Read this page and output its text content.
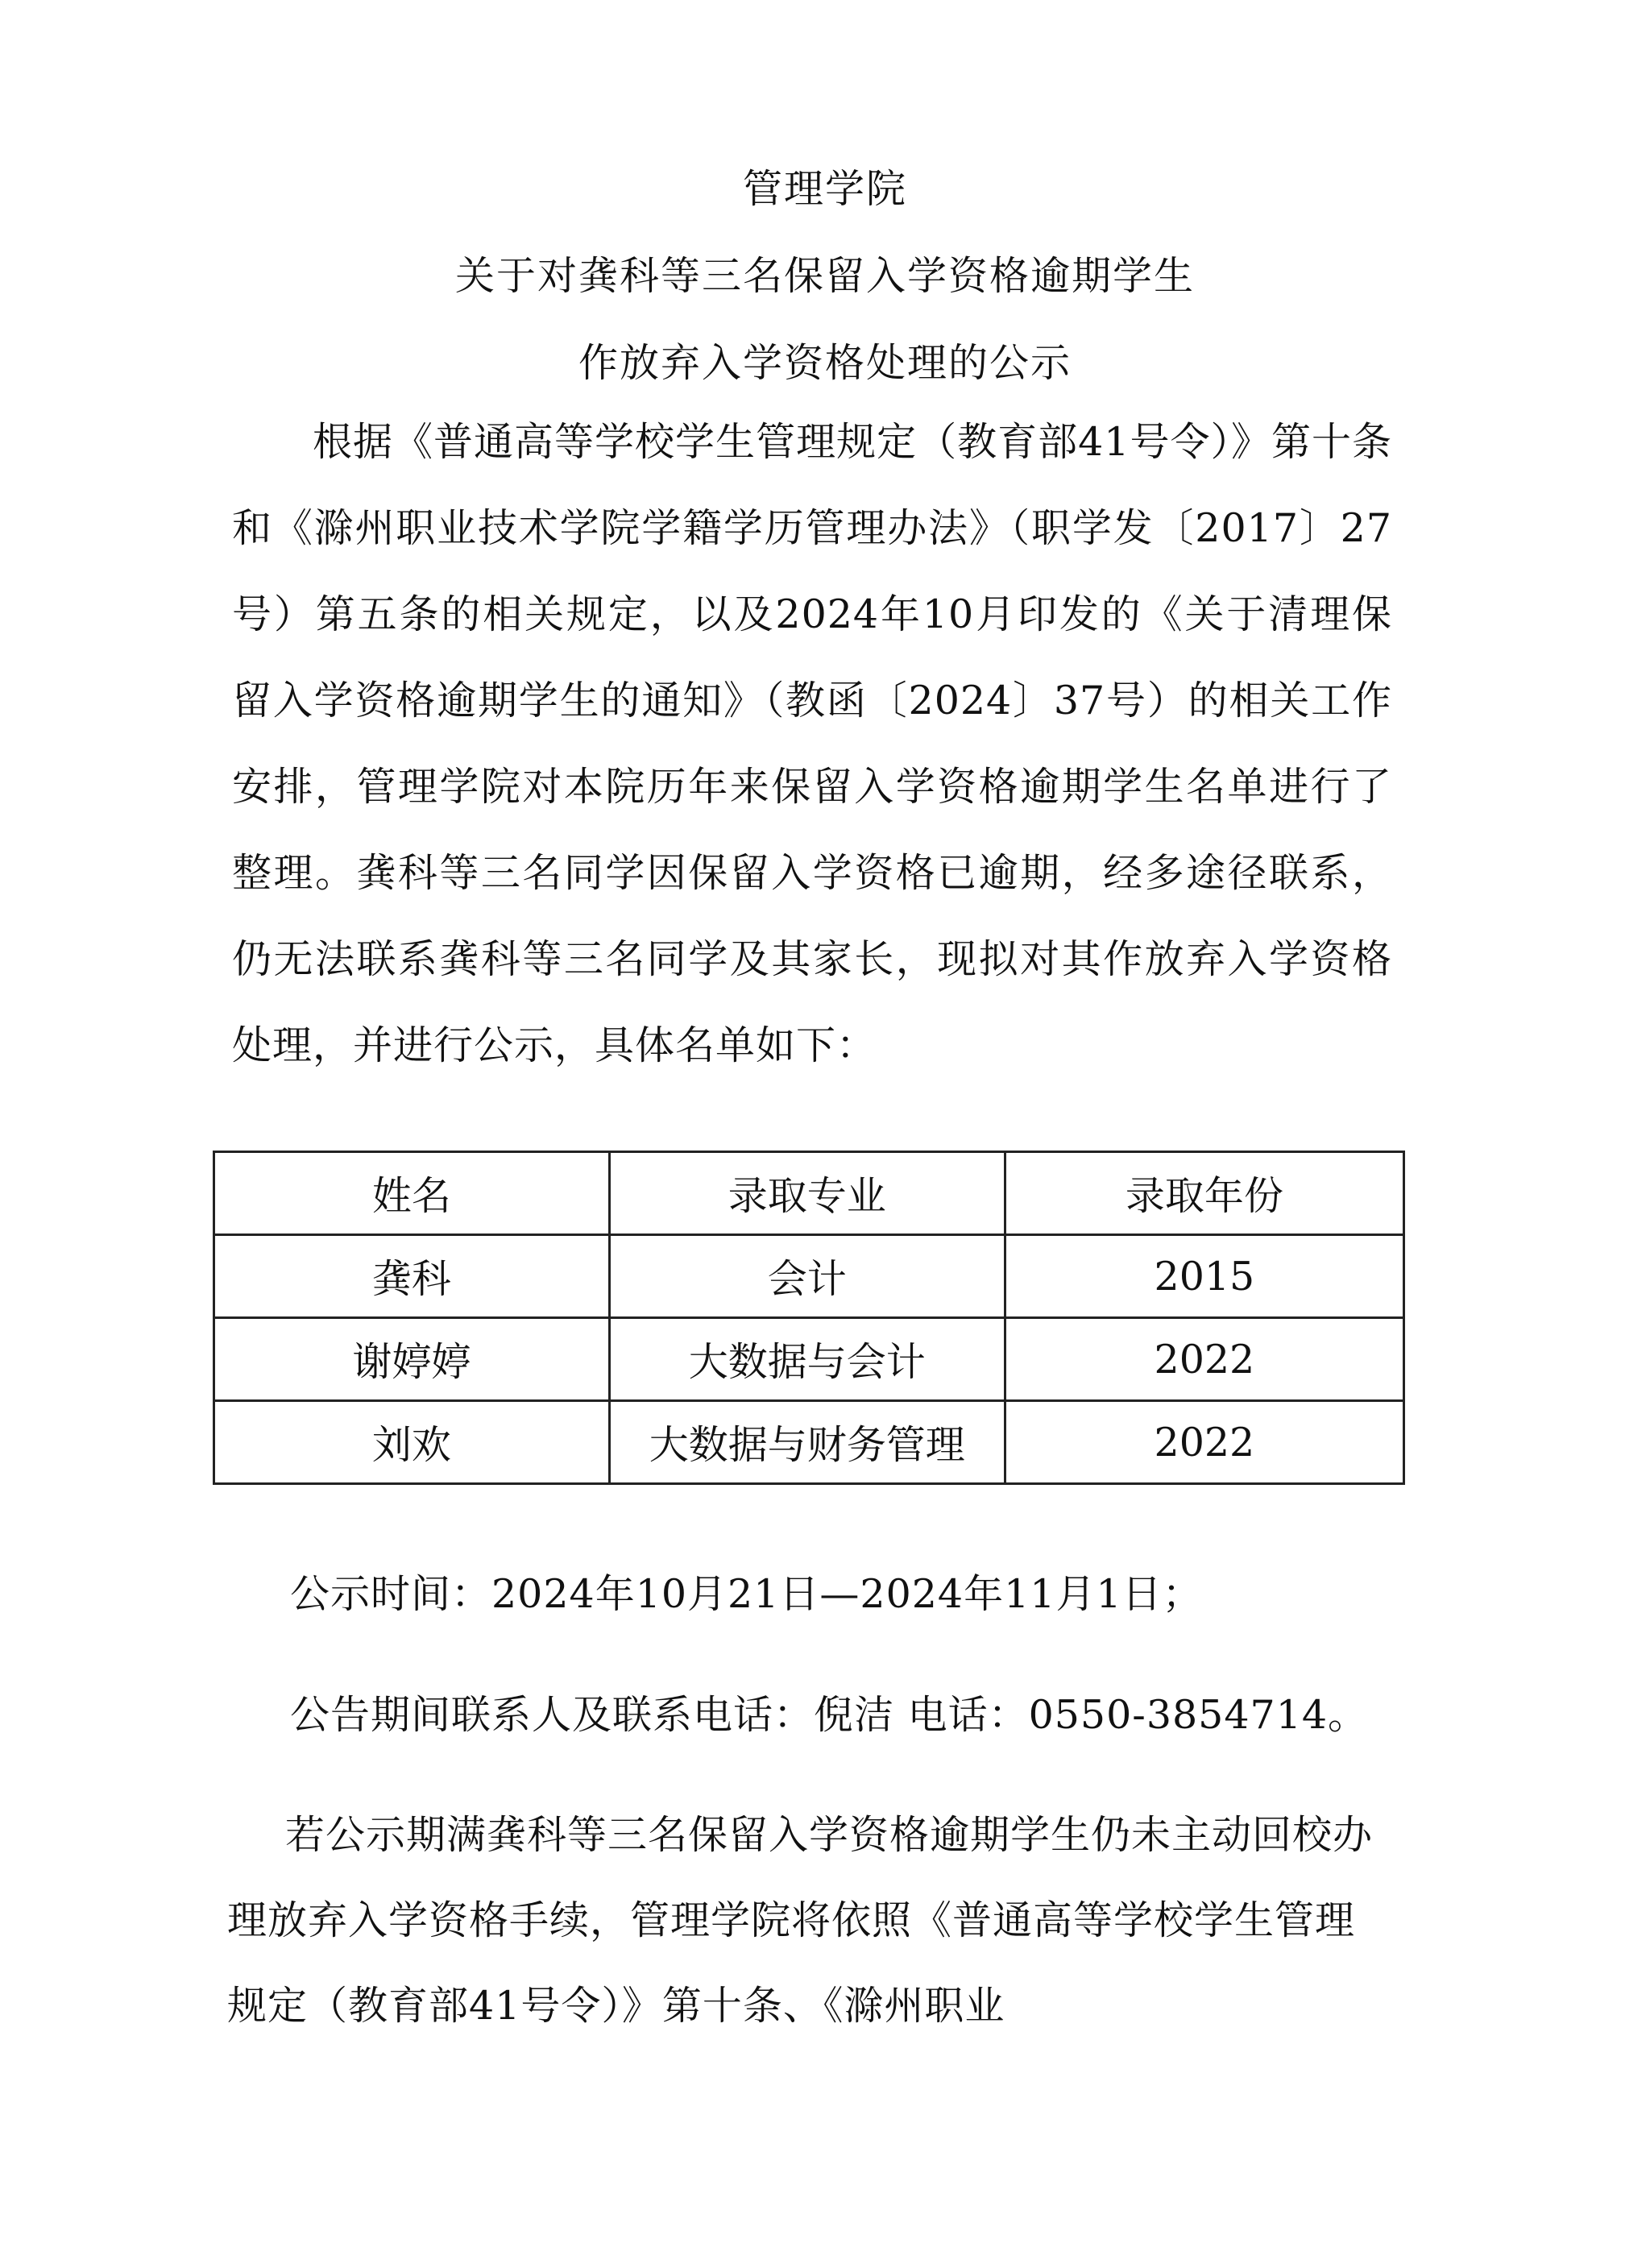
管理学院
关于对龚科等三名保留入学资格逾期学生
作放弃入学资格处理的公示
根据《普通高等学校学生管理规定（教育部41号令）》第十条和《滁州职业技术学院学籍学历管理办法》（职学发〔2017〕27号）第五条的相关规定，以及2024年10月印发的《关于清理保留入学资格逾期学生的通知》（教函〔2024〕37号）的相关工作安排，管理学院对本院历年来保留入学资格逾期学生名单进行了整理。龚科等三名同学因保留入学资格已逾期，经多途径联系，仍无法联系龚科等三名同学及其家长，现拟对其作放弃入学资格处理，并进行公示，具体名单如下：
姓名	录取专业	录取年份
龚科	会计	2015
谢婷婷	大数据与会计	2022
刘欢	大数据与财务管理	2022
公示时间：2024年10月21日—2024年11月1日；
公告期间联系人及联系电话：倪洁 电话：0550-3854714。
若公示期满龚科等三名保留入学资格逾期学生仍未主动回校办理放弃入学资格手续，管理学院将依照《普通高等学校学生管理规定（教育部41号令）》第十条、《滁州职业
